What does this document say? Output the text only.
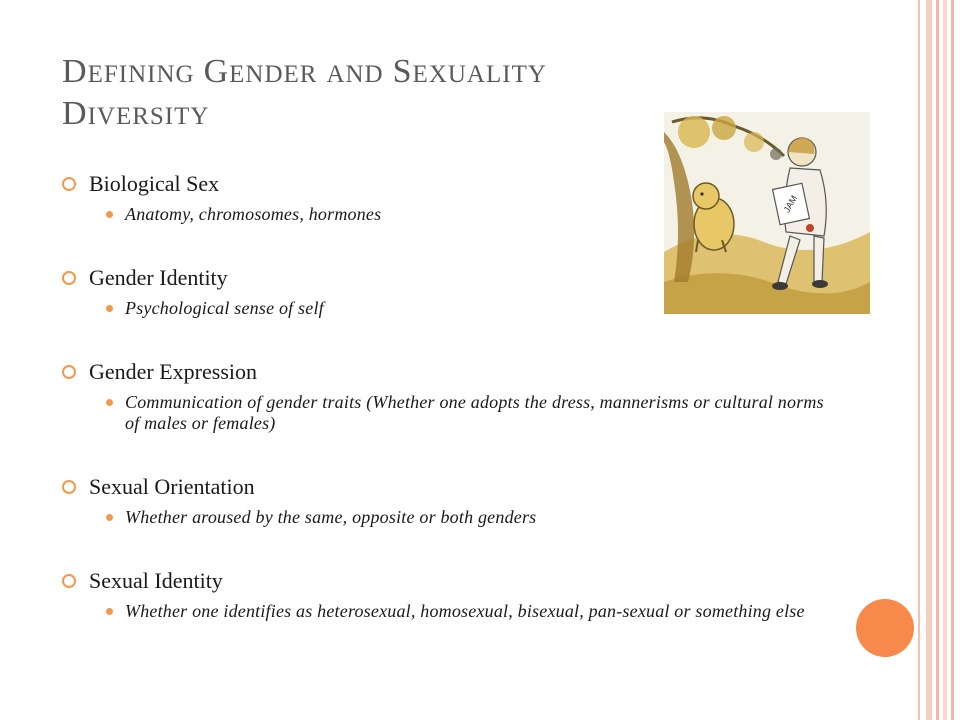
DEFINING GENDER AND SEXUALITY
DIVERSITY
Biological Sex
Anatomy, chromosomes, hormones
Gender Identity
Psychological sense of self
Gender Expression
Communication of gender traits (Whether one adopts the dress, mannerisms or cultural norms of males or females)
Sexual Orientation
Whether aroused by the same, opposite or both genders
Sexual Identity
Whether one identifies as heterosexual, homosexual, bisexual, pan-sexual or something else
JAM
